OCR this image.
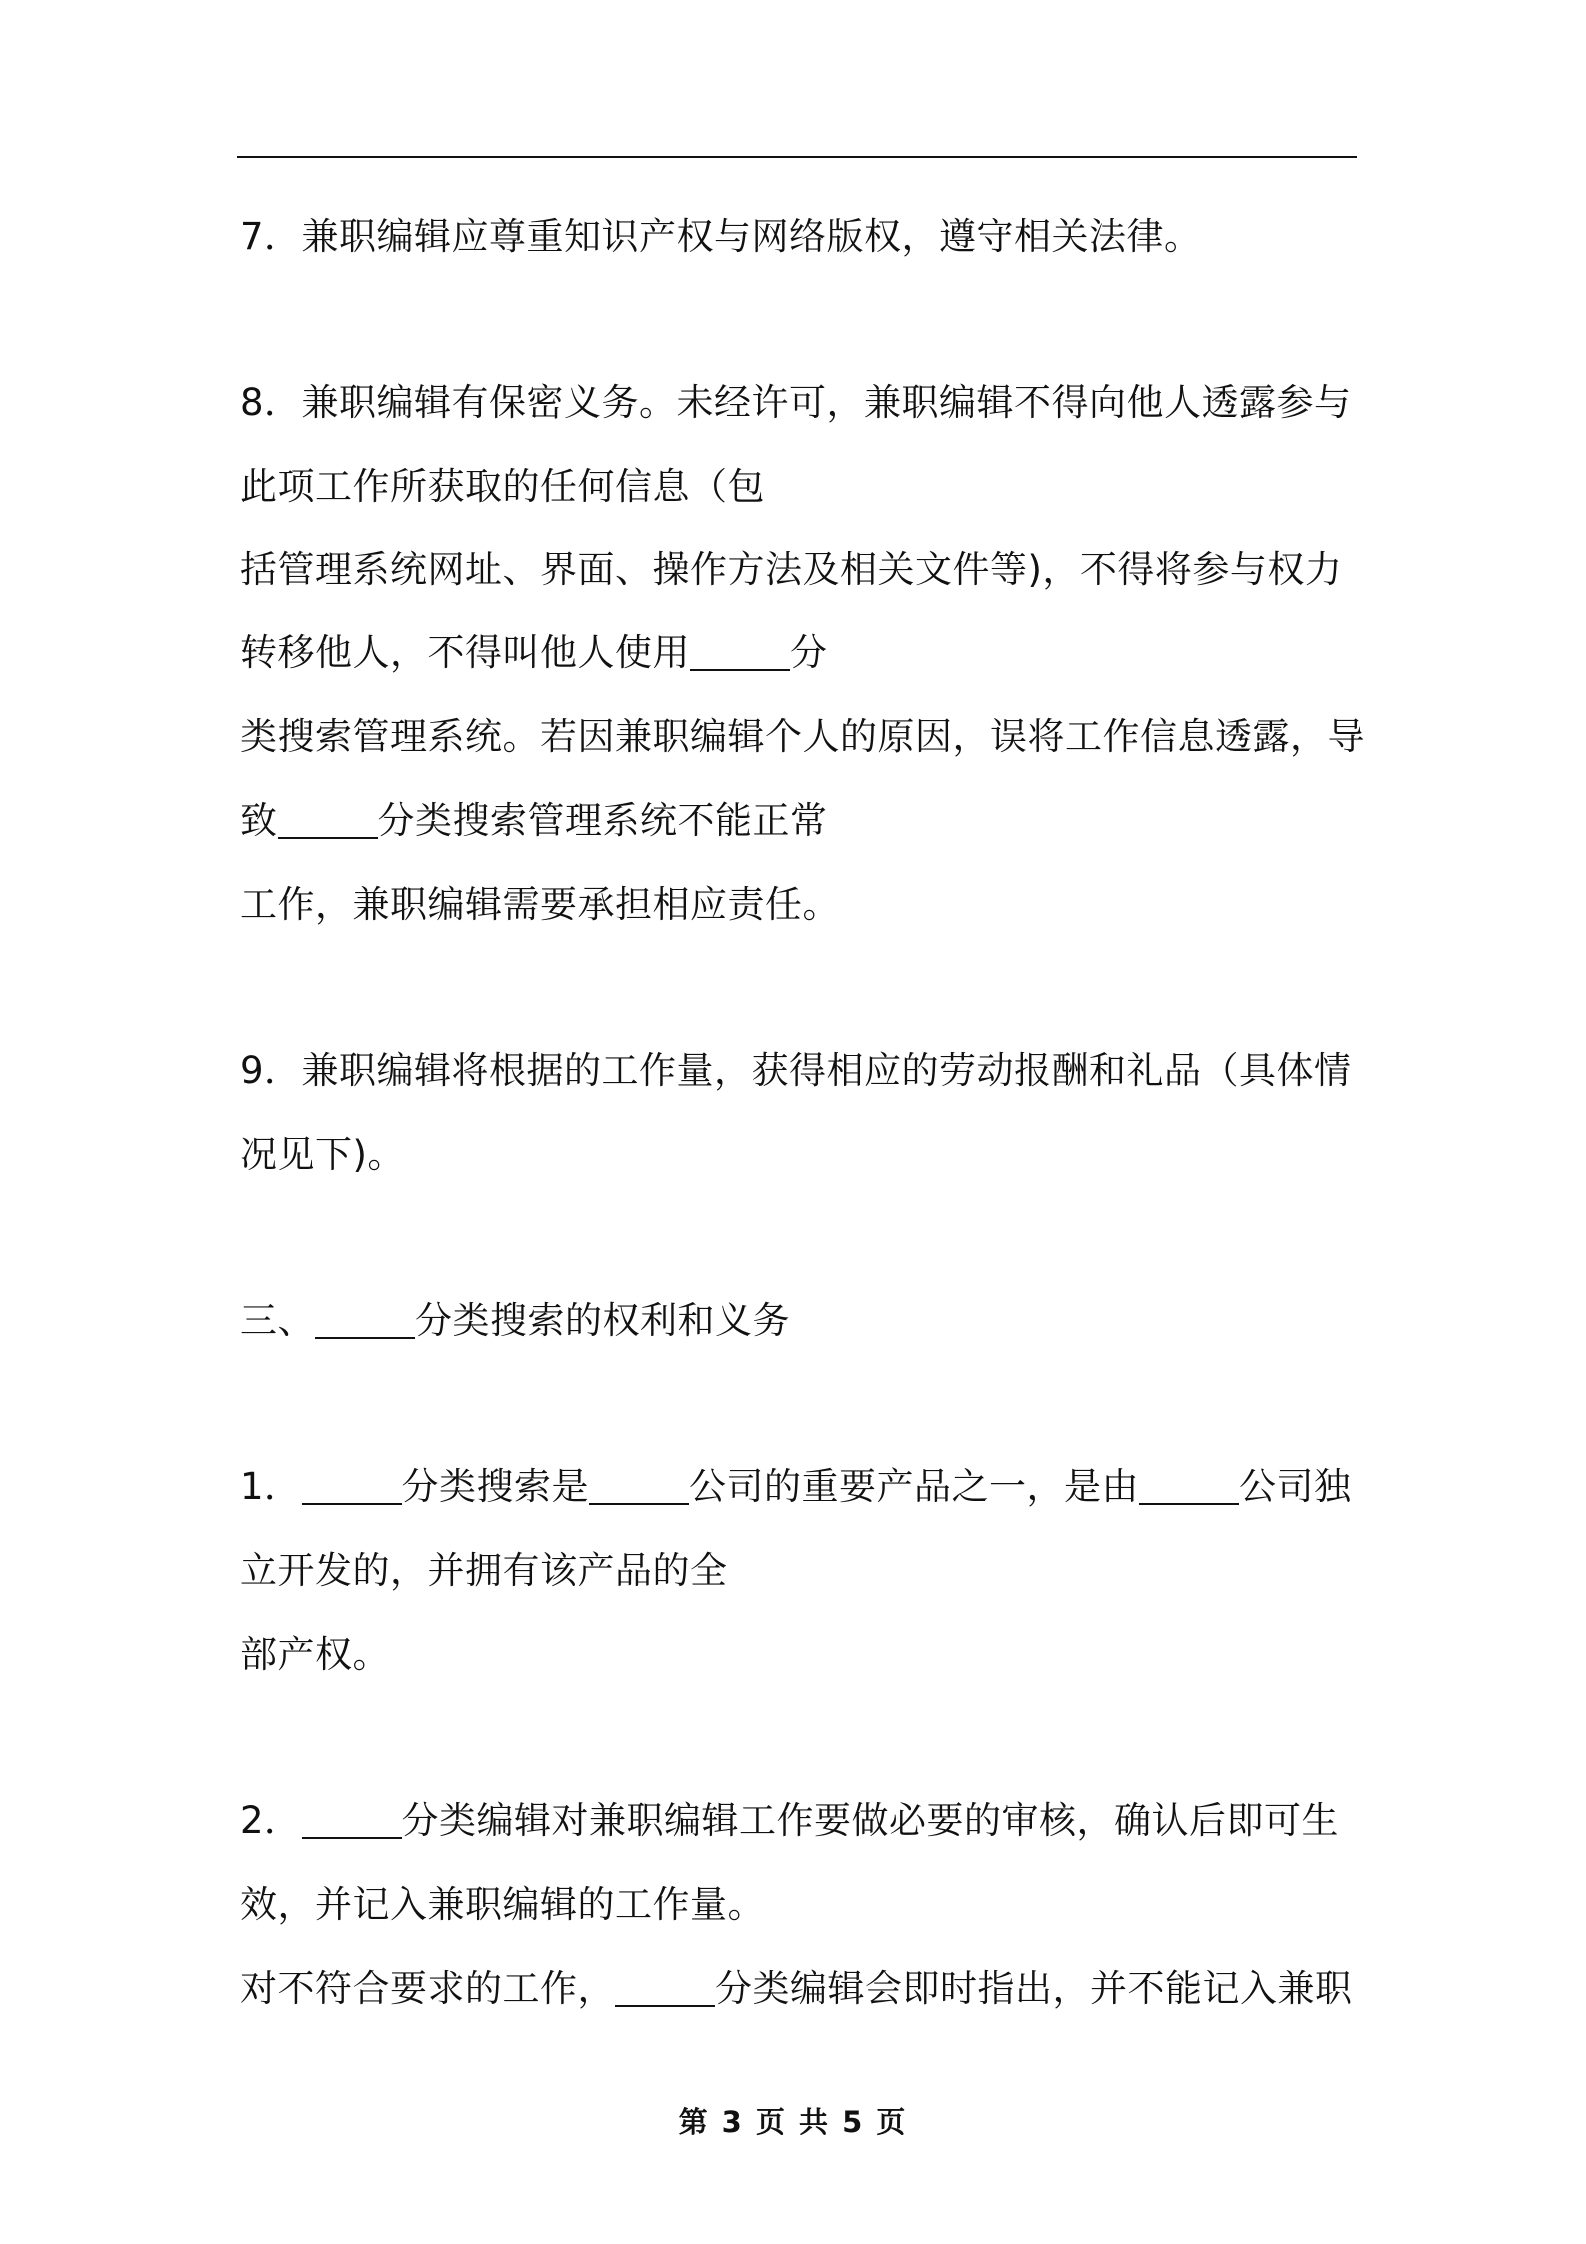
7．兼职编辑应尊重知识产权与网络版权，遵守相关法律。
8．兼职编辑有保密义务。未经许可，兼职编辑不得向他人透露参与
此项工作所获取的任何信息（包
括管理系统网址、界面、操作方法及相关文件等)，不得将参与权力
转移他人，不得叫他人使用	分
类搜索管理系统。若因兼职编辑个人的原因，误将工作信息透露，导
致	分类搜索管理系统不能正常
工作，兼职编辑需要承担相应责任。
9．兼职编辑将根据的工作量，获得相应的劳动报酬和礼品（具体情
况见下)。
三、	分类搜索的权利和义务
1．	分类搜索是	公司的重要产品之一，是由	公司独
立开发的，并拥有该产品的全
部产权。
2．	分类编辑对兼职编辑工作要做必要的审核，确认后即可生
效，并记入兼职编辑的工作量。
对不符合要求的工作，	分类编辑会即时指出，并不能记入兼职
第 3 页 共 5 页
